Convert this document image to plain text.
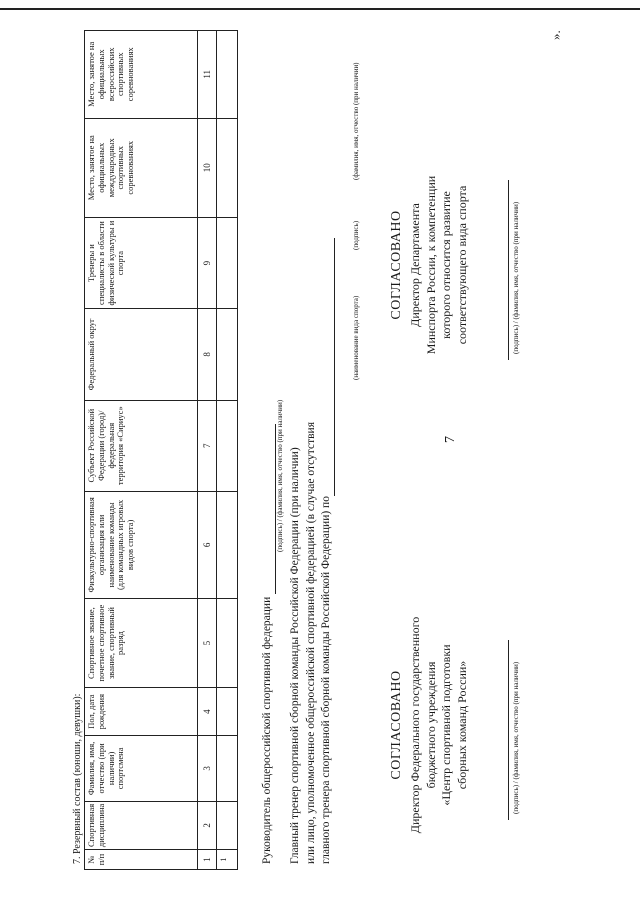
7
».
7. Резервный состав (юноши, девушки): № п/п	Спортивная дисциплина	Фамилия, имя, отчество (при наличии) спортсмена	Пол, дата рождения	Спортивное звание, почетное спортивное звание, спортивный разряд	Физкультурно-спортивная организация или наименование команды (для командных игровых видов спорта)	Субъект Российской Федерации (город)/ федеральная территория «Сириус»	Федеральный округ	Тренеры и специалисты в области физической культуры и спорта	Место, занятое на официальных международных спортивных соревнованиях	Место, занятое на официальных всероссийских спортивных соревнованиях
1	2	3	4	5	6	7	8	9	10	11
1											Руководитель общероссийской спортивной федерации
(подпись) / (фамилия, имя, отчество (при наличии) Главный тренер спортивной сборной команды Российской Федерации (при наличии) или лицо, уполномоченное общероссийской спортивной федерацией (в случае отсутствия главного тренера спортивной сборной команды Российской Федерации) по
(наименование вида спорта)
(подпись)
(фамилия, имя, отчество (при наличии)
СОГЛАСОВАНО Директор Федерального государственного бюджетного учреждения «Центр спортивной подготовки сборных команд России»	(подпись) / (фамилия, имя, отчество (при наличии)
СОГЛАСОВАНО Директор Департамента Минспорта России, к компетенции которого относится развитие соответствующего вида спорта	(подпись) / (фамилия, имя, отчество (при наличии)
